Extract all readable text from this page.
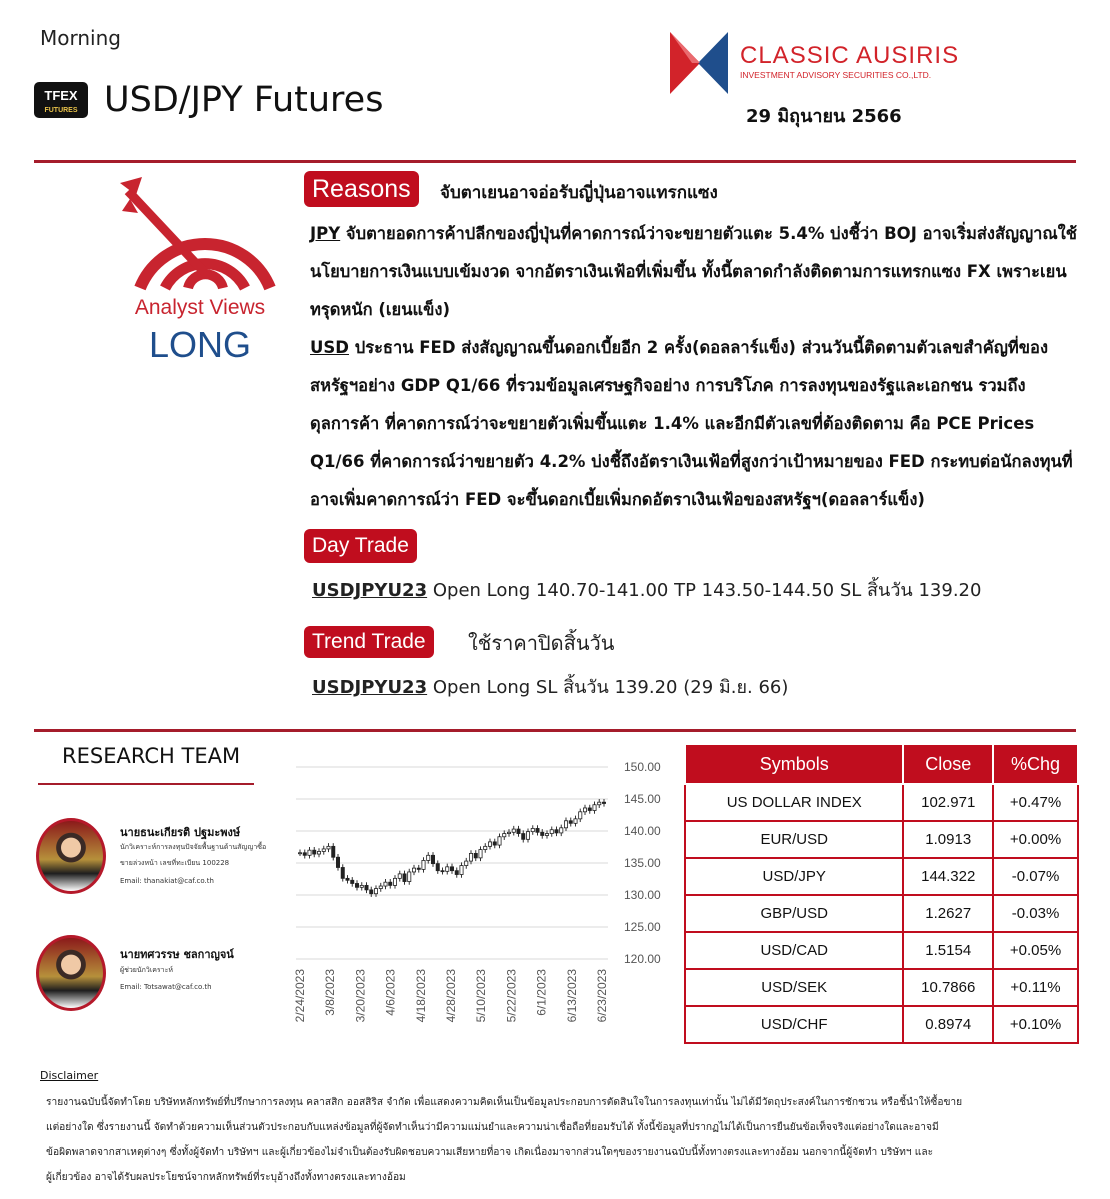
Morning
TFEX
FUTURES USD/JPY Futures
CLASSIC AUSIRIS
INVESTMENT ADVISORY SECURITIES CO.,LTD.
29 มิถุนายน 2566
Analyst Views
LONG
Reasons	จับตาเยนอาจอ่อรับญี่ปุ่นอาจแทรกแซง
JPY จับตายอดการค้าปลีกของญี่ปุ่นที่คาดการณ์ว่าจะขยายตัวแตะ 5.4% บ่งชี้ว่า BOJ อาจเริ่มส่งสัญญาณใช้นโยบายการเงินแบบเข้มงวด จากอัตราเงินเฟ้อที่เพิ่มขึ้น ทั้งนี้ตลาดกำลังติดตามการแทรกแซง FX เพราะเยนทรุดหนัก (เยนแข็ง)
USD ประธาน FED ส่งสัญญาณขึ้นดอกเบี้ยอีก 2 ครั้ง(ดอลลาร์แข็ง) ส่วนวันนี้ติดตามตัวเลขสำคัญที่ของสหรัฐฯอย่าง GDP Q1/66 ที่รวมข้อมูลเศรษฐกิจอย่าง การบริโภค การลงทุนของรัฐและเอกชน รวมถึงดุลการค้า ที่คาดการณ์ว่าจะขยายตัวเพิ่มขึ้นแตะ 1.4% และอีกมีตัวเลขที่ต้องติดตาม คือ PCE Prices Q1/66 ที่คาดการณ์ว่าขยายตัว 4.2% บ่งชี้ถึงอัตราเงินเฟ้อที่สูงกว่าเป้าหมายของ FED กระทบต่อนักลงทุนที่อาจเพิ่มคาดการณ์ว่า FED จะขึ้นดอกเบี้ยเพิ่มกดอัตราเงินเฟ้อของสหรัฐฯ(ดอลลาร์แข็ง)
Day Trade
USDJPYU23 Open Long 140.70-141.00 TP 143.50-144.50 SL สิ้นวัน 139.20
Trend Trade	ใช้ราคาปิดสิ้นวัน
USDJPYU23 Open Long SL สิ้นวัน 139.20 (29 มิ.ย. 66)
RESEARCH TEAM
นายธนะเกียรติ ปฐมะพงษ์
นักวิเคราะห์การลงทุนปัจจัยพื้นฐานด้านสัญญาซื้อ
ขายล่วงหน้า เลขที่ทะเบียน 100228
Email: thanakiat@caf.co.th
นายทศวรรษ ชลกาญจน์
ผู้ช่วยนักวิเคราะห์
Email: Totsawat@caf.co.th
150.00
145.00
140.00
135.00
130.00
125.00
120.00
2/24/2023 3/8/2023 3/20/2023 4/6/2023 4/18/2023 4/28/2023 5/10/2023 5/22/2023 6/1/2023 6/13/2023 6/23/2023
Symbols	Close	%Chg
US DOLLAR INDEX	102.971	+0.47%
EUR/USD	1.0913	+0.00%
USD/JPY	144.322	-0.07%
GBP/USD	1.2627	-0.03%
USD/CAD	1.5154	+0.05%
USD/SEK	10.7866	+0.11%
USD/CHF	0.8974	+0.10%
Disclaimer
รายงานฉบับนี้จัดทำโดย บริษัทหลักทรัพย์ที่ปรึกษาการลงทุน คลาสสิก ออสสิริส จำกัด เพื่อแสดงความคิดเห็นเป็นข้อมูลประกอบการตัดสินใจในการลงทุนเท่านั้น ไม่ได้มีวัตถุประสงค์ในการชักชวน หรือชี้นำให้ซื้อขาย
แต่อย่างใด ซึ่งรายงานนี้ จัดทำด้วยความเห็นส่วนตัวประกอบกับแหล่งข้อมูลที่ผู้จัดทำเห็นว่ามีความแม่นยำและความน่าเชื่อถือที่ยอมรับได้ ทั้งนี้ข้อมูลที่ปรากฏไม่ได้เป็นการยืนยันข้อเท็จจริงแต่อย่างใดและอาจมี
ข้อผิดพลาดจากสาเหตุต่างๆ ซึ่งทั้งผู้จัดทำ บริษัทฯ และผู้เกี่ยวข้องไม่จำเป็นต้องรับผิดชอบความเสียหายที่อาจ เกิดเนื่องมาจากส่วนใดๆของรายงานฉบับนี้ทั้งทางตรงและทางอ้อม นอกจากนี้ผู้จัดทำ บริษัทฯ และ
ผู้เกี่ยวข้อง อาจได้รับผลประโยชน์จากหลักทรัพย์ที่ระบุอ้างถึงทั้งทางตรงและทางอ้อม
